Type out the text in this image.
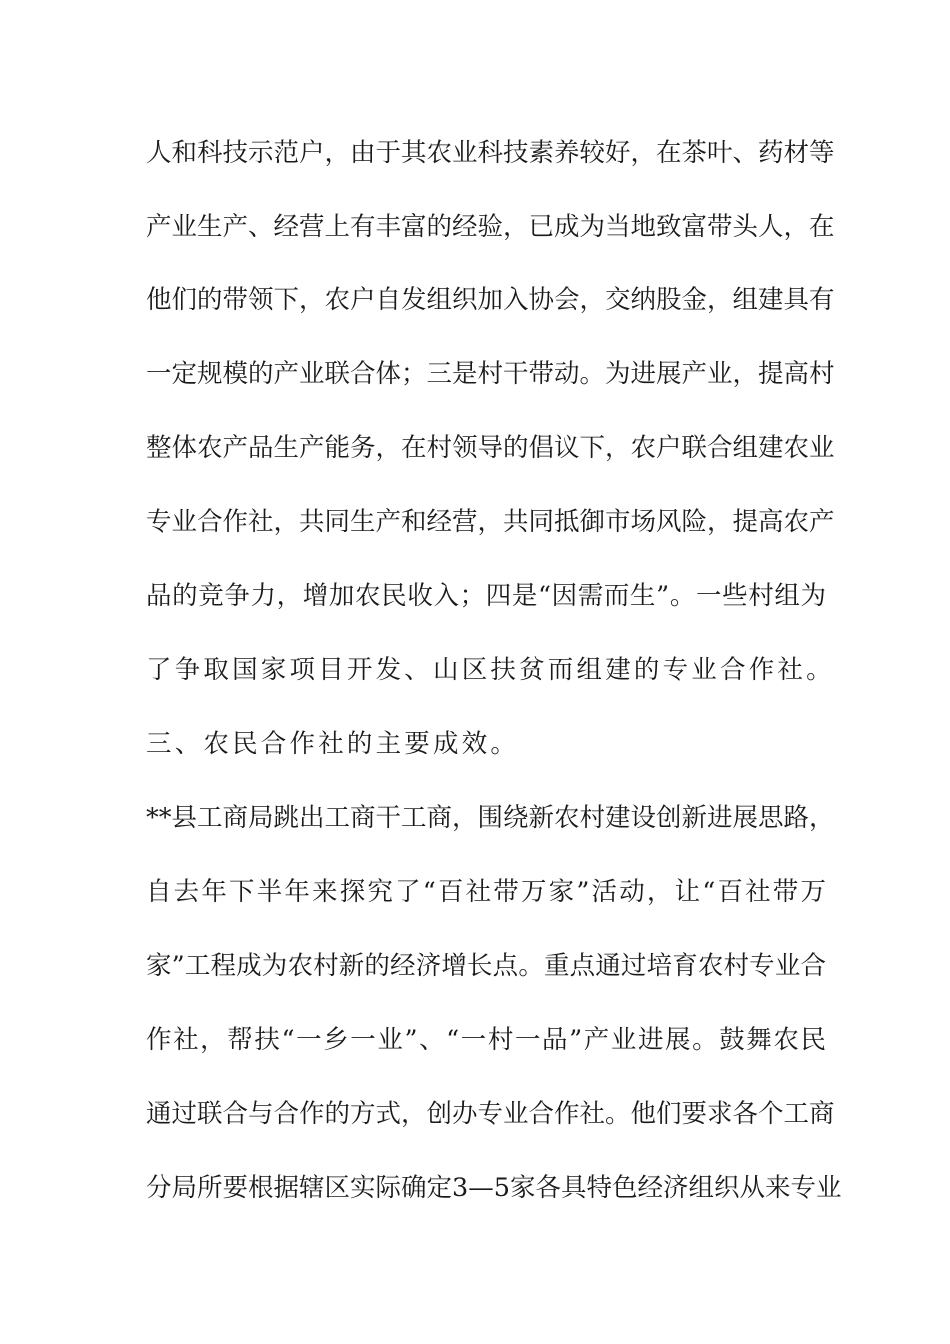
人和科技示范户，由于其农业科技素养较好，在茶叶、药材等
产业生产、经营上有丰富的经验，已成为当地致富带头人，在
他们的带领下，农户自发组织加入协会，交纳股金，组建具有
一定规模的产业联合体；三是村干带动。为进展产业，提高村
整体农产品生产能务，在村领导的倡议下，农户联合组建农业
专业合作社，共同生产和经营，共同抵御市场风险，提高农产
品的竞争力，增加农民收入；四是“因需而生”。一些村组为
了争取国家项目开发、山区扶贫而组建的专业合作社。
三、农民合作社的主要成效。
**县工商局跳出工商干工商，围绕新农村建设创新进展思路，
自去年下半年来探究了“百社带万家”活动，让“百社带万
家”工程成为农村新的经济增长点。重点通过培育农村专业合
作社，帮扶“一乡一业”、“一村一品”产业进展。鼓舞农民
通过联合与合作的方式，创办专业合作社。他们要求各个工商
分局所要根据辖区实际确定3—5家各具特色经济组织从来专业
